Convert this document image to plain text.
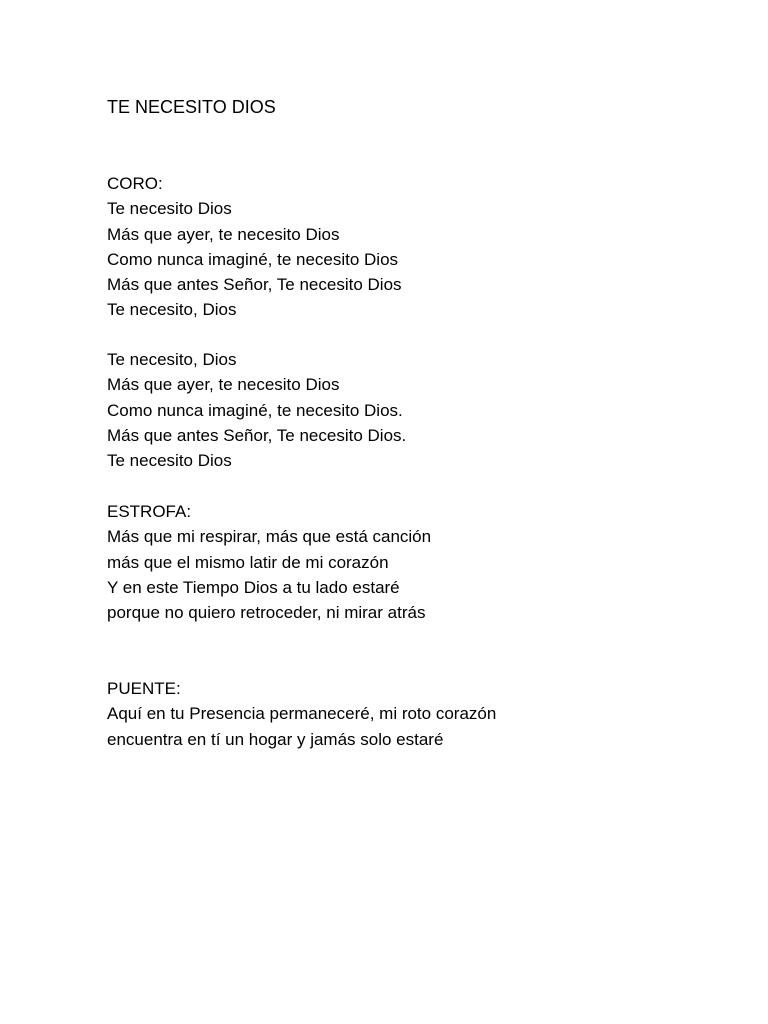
TE NECESITO DIOS
CORO:
Te necesito Dios
Más que ayer, te necesito Dios
Como nunca imaginé, te necesito Dios
Más que antes Señor, Te necesito Dios
Te necesito, Dios
Te necesito, Dios
Más que ayer, te necesito Dios
Como nunca imaginé, te necesito Dios.
Más que antes Señor, Te necesito Dios.
Te necesito Dios
ESTROFA:
Más que mi respirar, más que está canción
más que el mismo latir de mi corazón
Y en este Tiempo Dios a tu lado estaré
porque no quiero retroceder, ni mirar atrás
PUENTE:
Aquí en tu Presencia permaneceré, mi roto corazón
encuentra en tí un hogar y jamás solo estaré
